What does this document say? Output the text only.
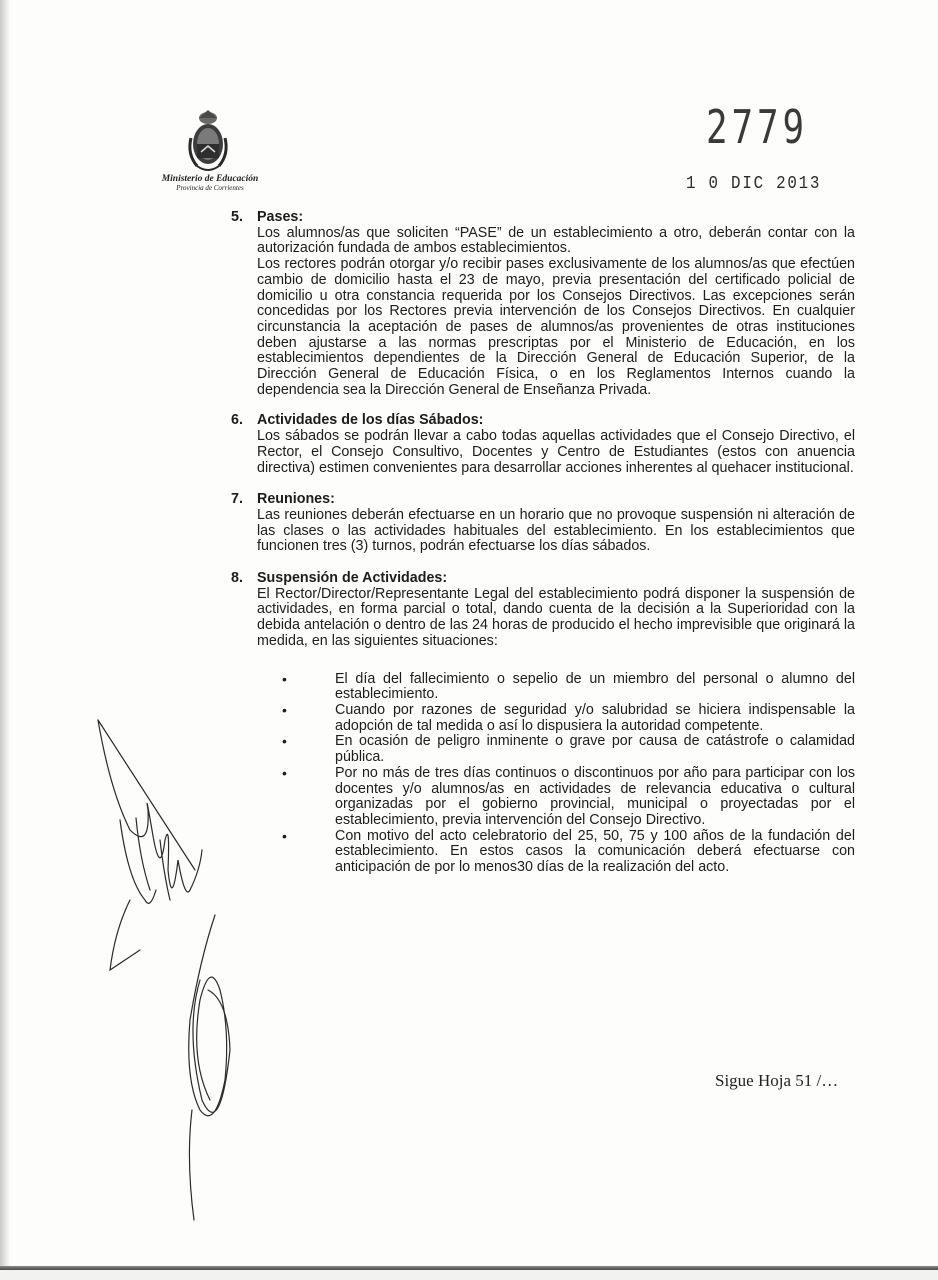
Ministerio de Educación
Provincia de Corrientes
2779
1 0 DIC 2013
5. Pases:
Los alumnos/as que soliciten “PASE” de un establecimiento a otro, deberán contar con la autorización fundada de ambos establecimientos.
Los rectores podrán otorgar y/o recibir pases exclusivamente de los alumnos/as que efectúen cambio de domicilio hasta el 23 de mayo, previa presentación del certificado policial de domicilio u otra constancia requerida por los Consejos Directivos. Las excepciones serán concedidas por los Rectores previa intervención de los Consejos Directivos. En cualquier circunstancia la aceptación de pases de alumnos/as provenientes de otras instituciones deben ajustarse a las normas prescriptas por el Ministerio de Educación, en los establecimientos dependientes de la Dirección General de Educación Superior, de la Dirección General de Educación Física, o en los Reglamentos Internos cuando la dependencia sea la Dirección General de Enseñanza Privada.
6. Actividades de los días Sábados:
Los sábados se podrán llevar a cabo todas aquellas actividades que el Consejo Directivo, el Rector, el Consejo Consultivo, Docentes y Centro de Estudiantes (estos con anuencia directiva) estimen convenientes para desarrollar acciones inherentes al quehacer institucional.
7. Reuniones:
Las reuniones deberán efectuarse en un horario que no provoque suspensión ni alteración de las clases o las actividades habituales del establecimiento. En los establecimientos que funcionen tres (3) turnos, podrán efectuarse los días sábados.
8. Suspensión de Actividades:
El Rector/Director/Representante Legal del establecimiento podrá disponer la suspensión de actividades, en forma parcial o total, dando cuenta de la decisión a la Superioridad con la debida antelación o dentro de las 24 horas de producido el hecho imprevisible que originará la medida, en las siguientes situaciones:
•	El día del fallecimiento o sepelio de un miembro del personal o alumno del establecimiento.
•	Cuando por razones de seguridad y/o salubridad se hiciera indispensable la adopción de tal medida o así lo dispusiera la autoridad competente.
•	En ocasión de peligro inminente o grave por causa de catástrofe o calamidad pública.
•	Por no más de tres días continuos o discontinuos por año para participar con los docentes y/o alumnos/as en actividades de relevancia educativa o cultural organizadas por el gobierno provincial, municipal o proyectadas por el establecimiento, previa intervención del Consejo Directivo.
•	Con motivo del acto celebratorio del 25, 50, 75 y 100 años de la fundación del establecimiento. En estos casos la comunicación deberá efectuarse con anticipación de por lo menos30 días de la realización del acto.
Sigue Hoja 51 /…
